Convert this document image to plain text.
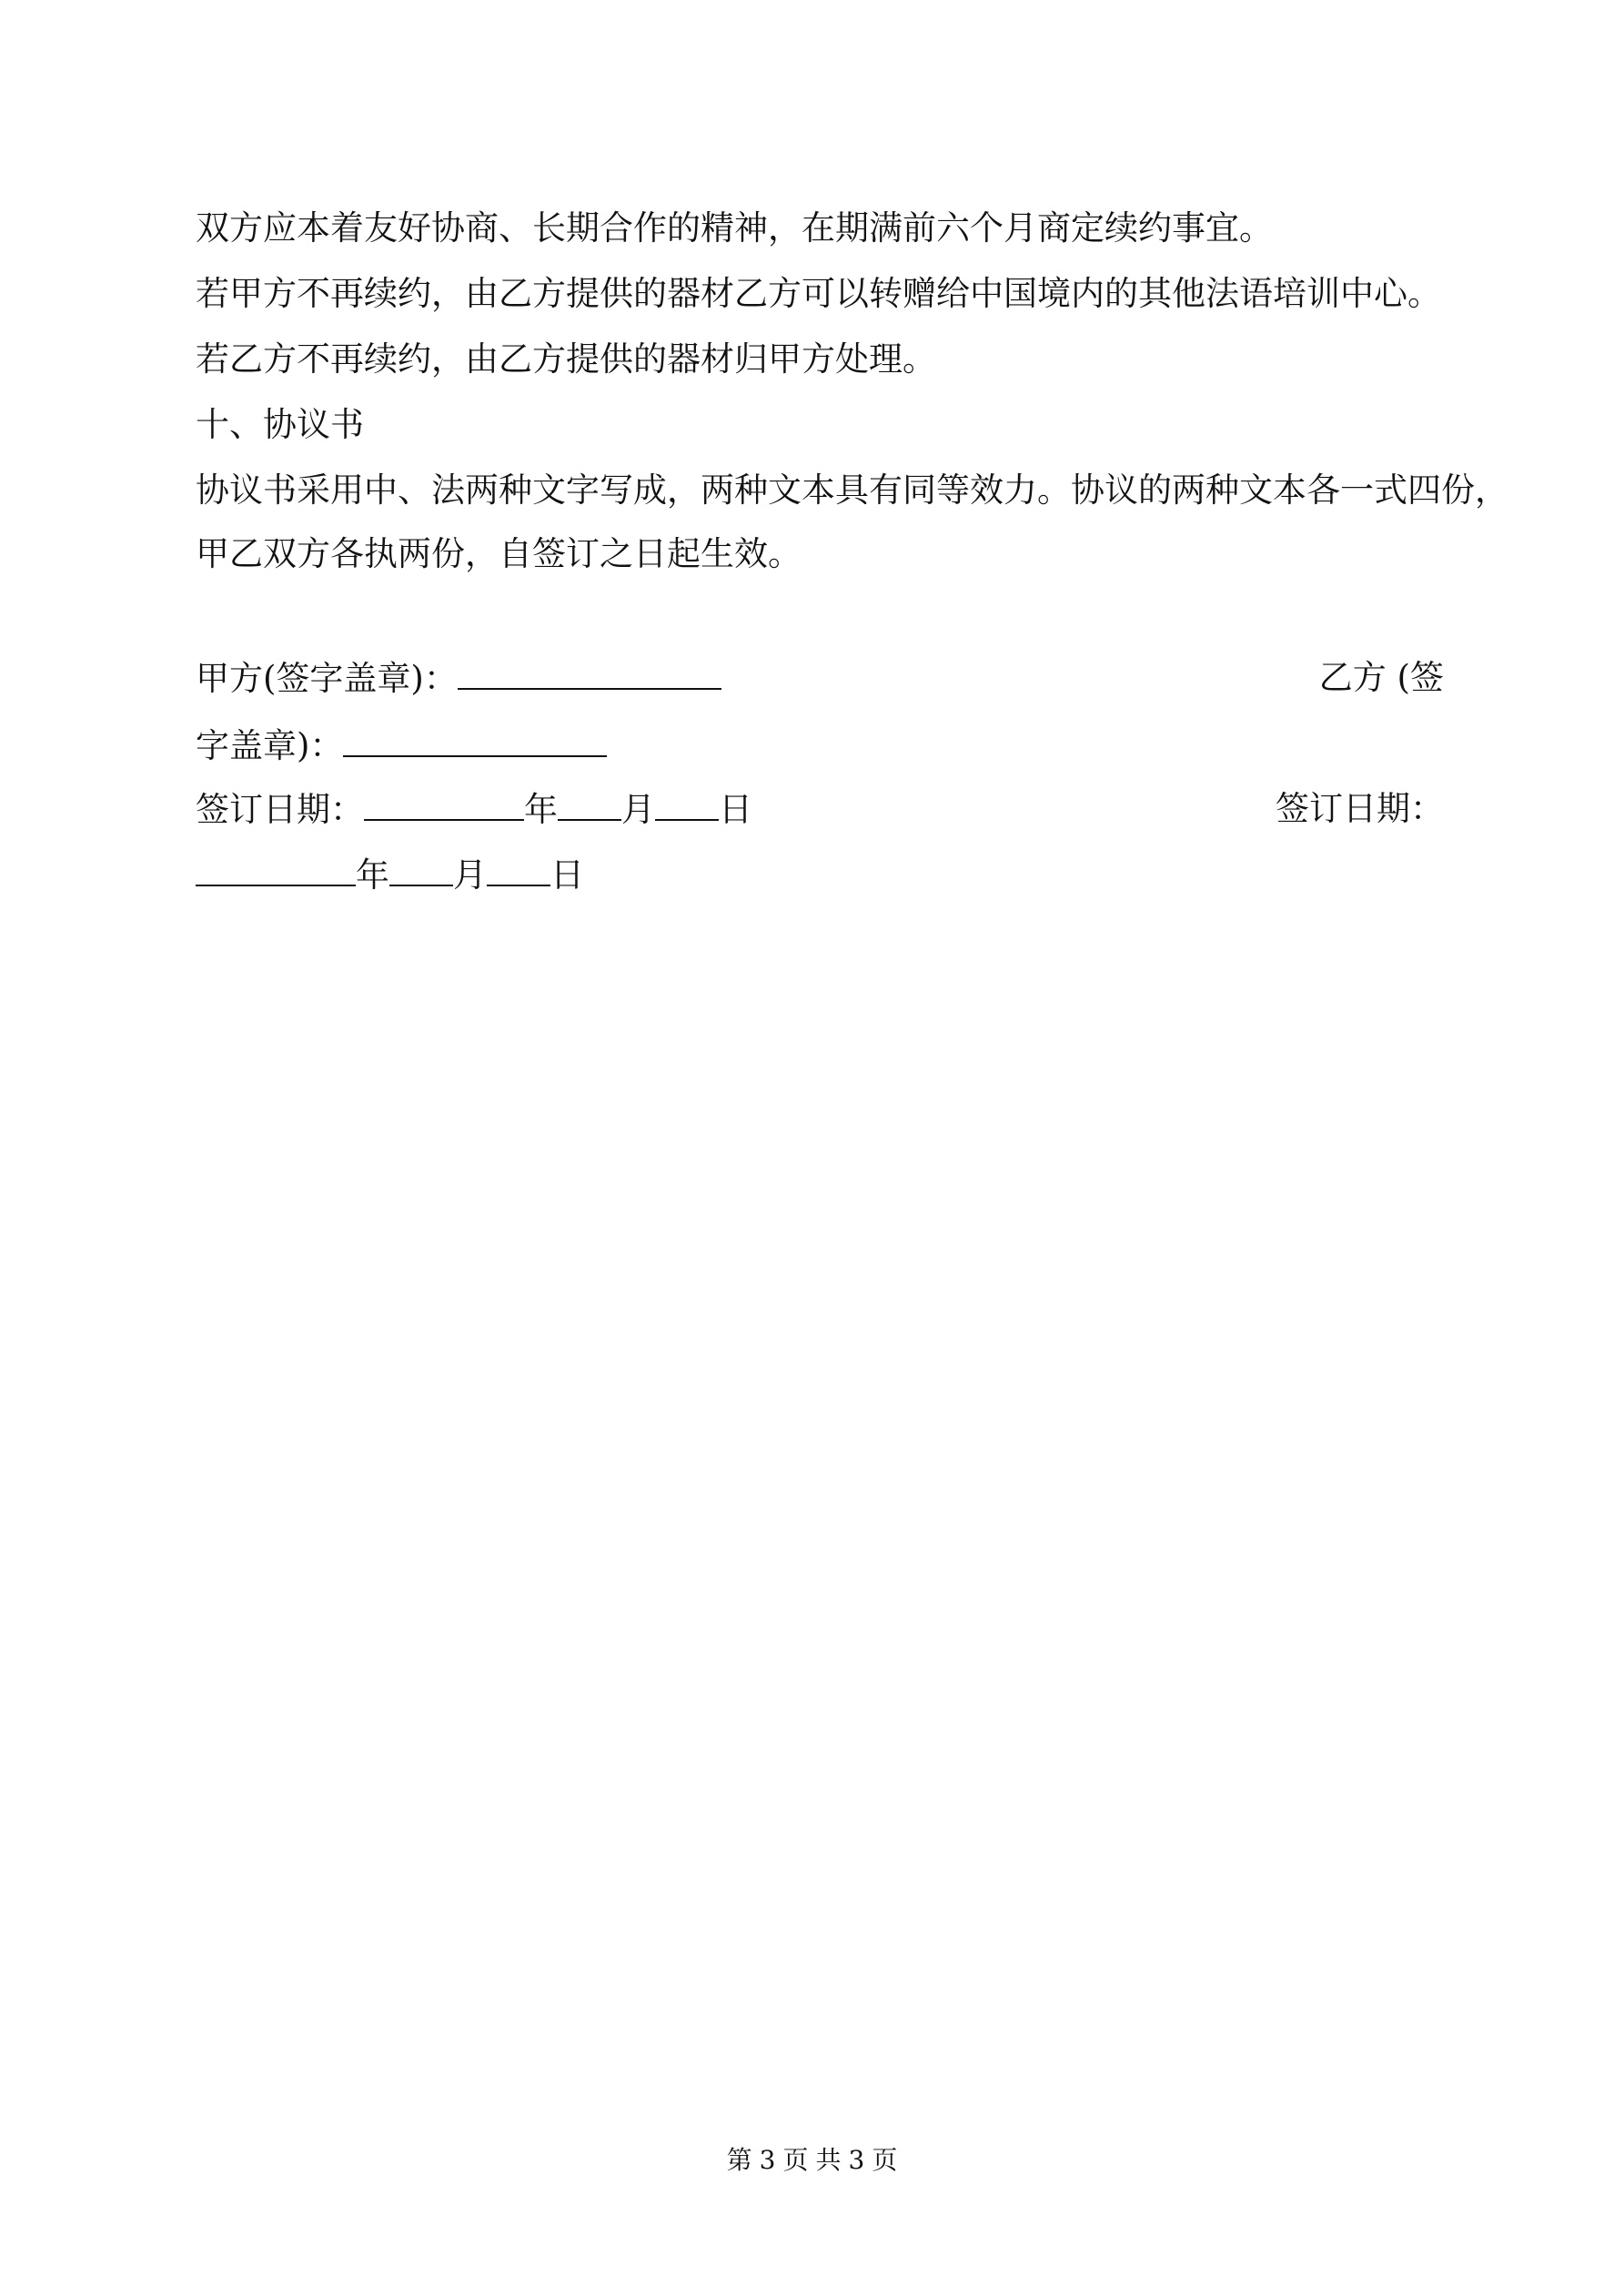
双方应本着友好协商、长期合作的精神，在期满前六个月商定续约事宜。
若甲方不再续约，由乙方提供的器材乙方可以转赠给中国境内的其他法语培训中心。
若乙方不再续约，由乙方提供的器材归甲方处理。
十、协议书
协议书采用中、法两种文字写成，两种文本具有同等效力。协议的两种文本各一式四份，
甲乙双方各执两份，自签订之日起生效。
甲方(签字盖章)：	乙方 (签
字盖章)：
签订日期：	年 月 日	签订日期：
年 月 日
第 3 页 共 3 页
